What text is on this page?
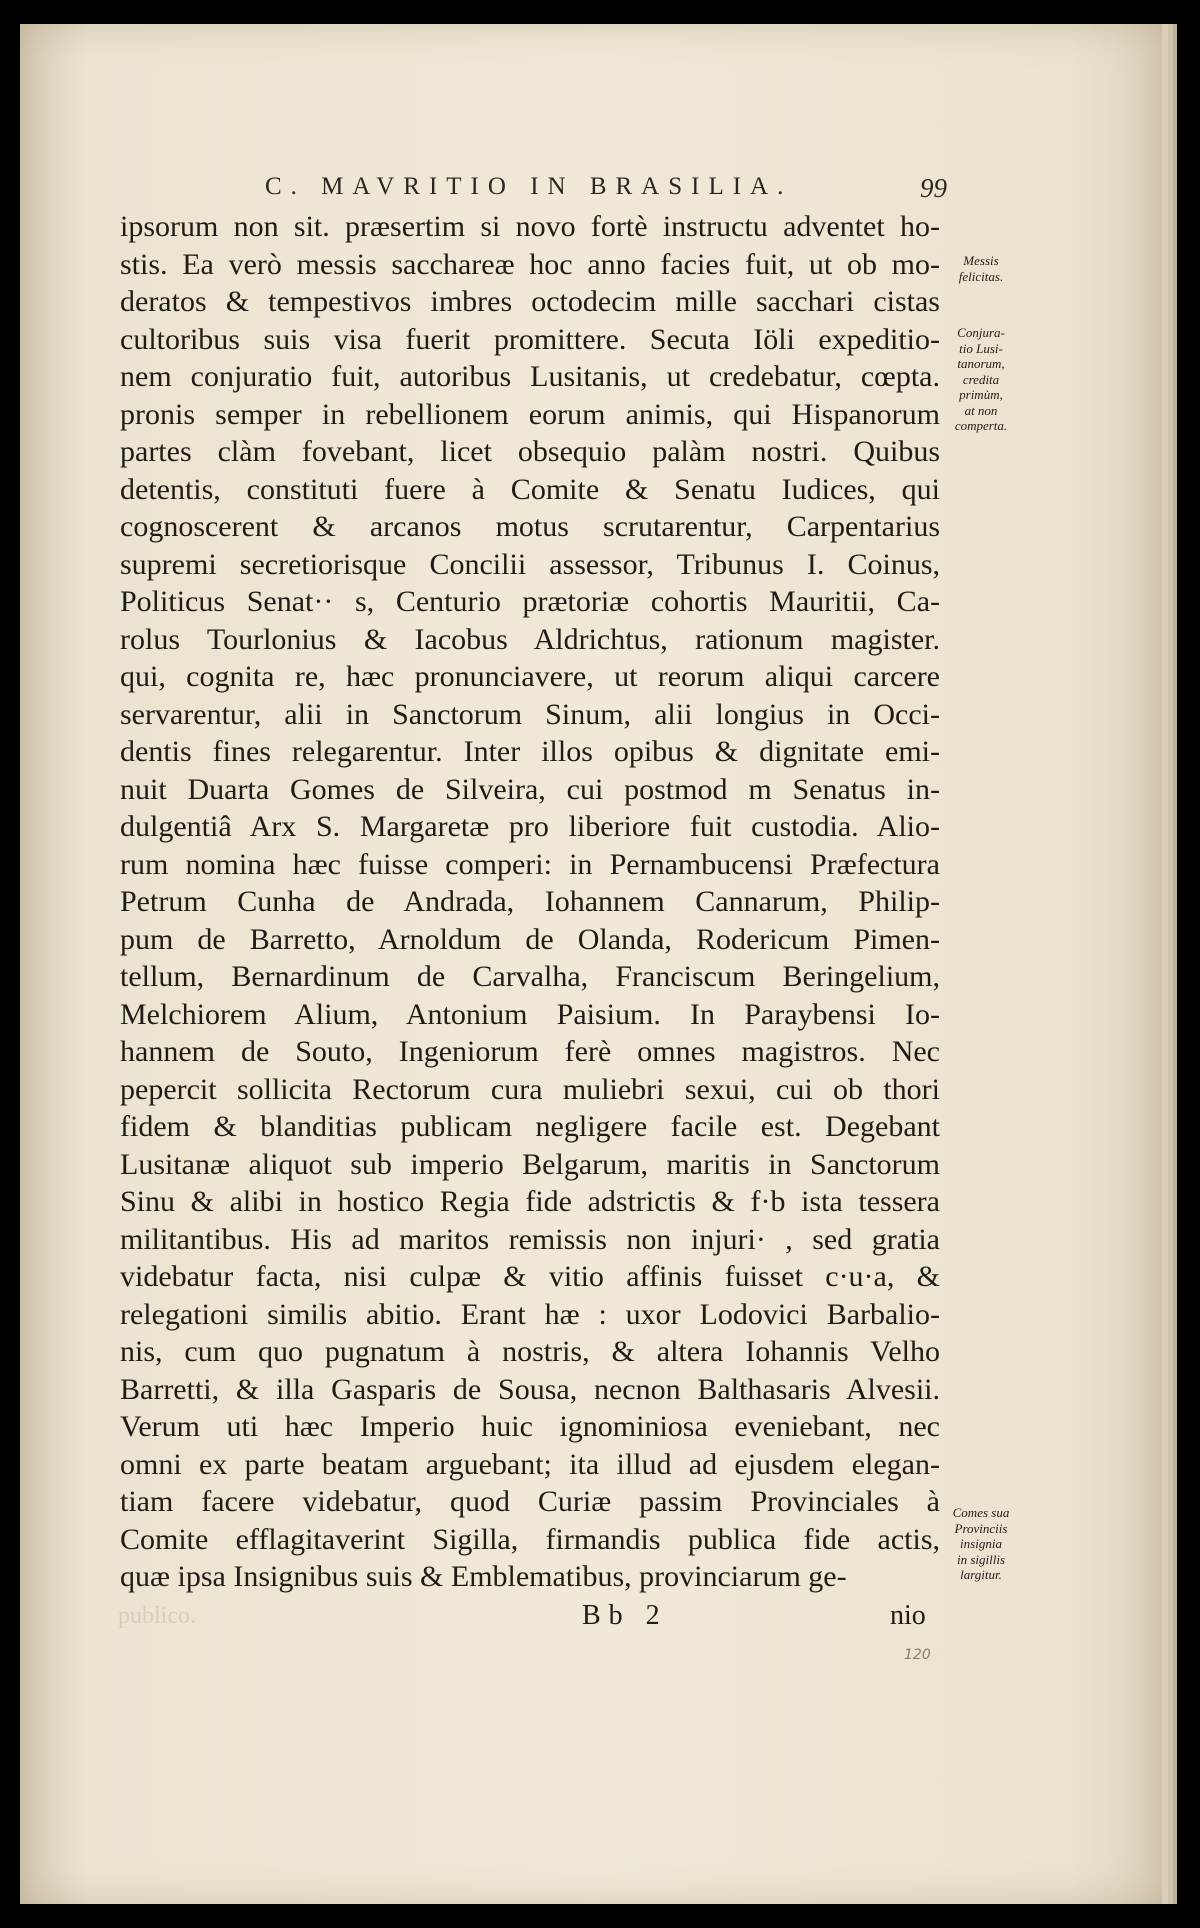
C. MAVRITIO IN BRASILIA.	99
ipsorum non sit. præsertim si novo fortè instructu adventet ho-
stis. Ea verò messis sacchareæ hoc anno facies fuit, ut ob mo-
deratos & tempestivos imbres octodecim mille sacchari cistas
cultoribus suis visa fuerit promittere. Secuta Iöli expeditio-
nem conjuratio fuit, autoribus Lusitanis, ut credebatur, cœpta.
pronis semper in rebellionem eorum animis, qui Hispanorum
partes clàm fovebant, licet obsequio palàm nostri. Quibus
detentis, constituti fuere à Comite & Senatu Iudices, qui
cognoscerent & arcanos motus scrutarentur, Carpentarius
supremi secretiorisque Concilii assessor, Tribunus I. Coinus,
Politicus Senat·· s, Centurio prætoriæ cohortis Mauritii, Ca-
rolus Tourlonius & Iacobus Aldrichtus, rationum magister.
qui, cognita re, hæc pronunciavere, ut reorum aliqui carcere
servarentur, alii in Sanctorum Sinum, alii longius in Occi-
dentis fines relegarentur. Inter illos opibus & dignitate emi-
nuit Duarta Gomes de Silveira, cui postmod m Senatus in-
dulgentiâ Arx S. Margaretæ pro liberiore fuit custodia. Alio-
rum nomina hæc fuisse comperi: in Pernambucensi Præfectura
Petrum Cunha de Andrada, Iohannem Cannarum, Philip-
pum de Barretto, Arnoldum de Olanda, Rodericum Pimen-
tellum, Bernardinum de Carvalha, Franciscum Beringelium,
Melchiorem Alium, Antonium Paisium. In Paraybensi Io-
hannem de Souto, Ingeniorum ferè omnes magistros. Nec
pepercit sollicita Rectorum cura muliebri sexui, cui ob thori
fidem & blanditias publicam negligere facile est. Degebant
Lusitanæ aliquot sub imperio Belgarum, maritis in Sanctorum
Sinu & alibi in hostico Regia fide adstrictis & f·b ista tessera
militantibus. His ad maritos remissis non injuri· , sed gratia
videbatur facta, nisi culpæ & vitio affinis fuisset c·u·a, &
relegationi similis abitio. Erant hæ : uxor Lodovici Barbalio-
nis, cum quo pugnatum à nostris, & altera Iohannis Velho
Barretti, & illa Gasparis de Sousa, necnon Balthasaris Alvesii.
Verum uti hæc Imperio huic ignominiosa eveniebant, nec
omni ex parte beatam arguebant; ita illud ad ejusdem elegan-
tiam facere videbatur, quod Curiæ passim Provinciales à
Comite efflagitaverint Sigilla, firmandis publica fide actis,
quæ ipsa Insignibus suis & Emblematibus, provinciarum ge-
Messis
felicitas.
Conjura-
tio Lusi-
tanorum,
credita
primùm,
at non
comperta.
Comes sua
Provinciis
insignia
in sigillis
largitur.
publico.	Bb 2	nio
120
